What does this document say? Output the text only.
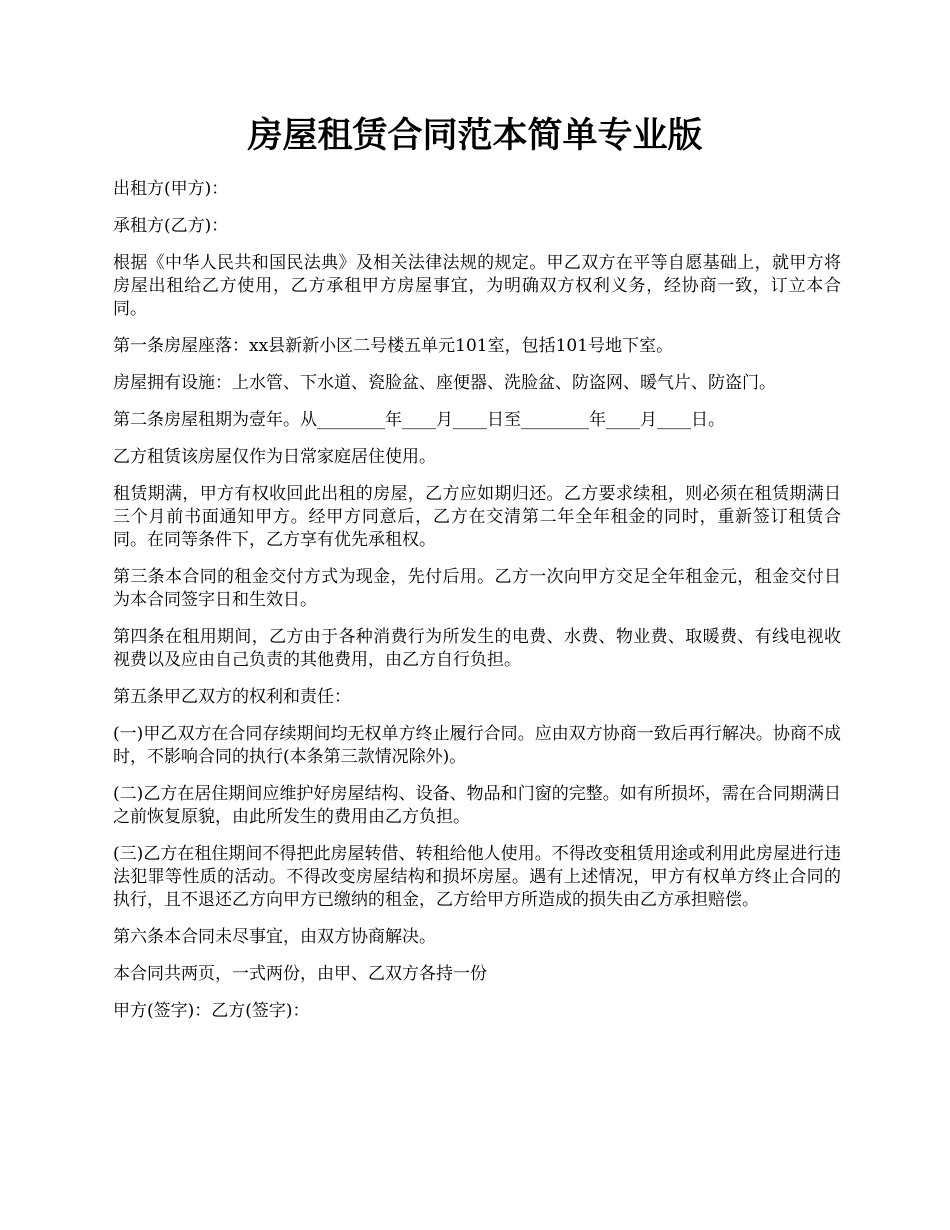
房屋租赁合同范本简单专业版

出租方(甲方)：

承租方(乙方)：

根据《中华人民共和国民法典》及相关法律法规的规定。甲乙双方在平等自愿基础上，就甲方将房屋出租给乙方使用，乙方承租甲方房屋事宜，为明确双方权利义务，经协商一致，订立本合同。

第一条房屋座落：xx县新新小区二号楼五单元101室，包括101号地下室。

房屋拥有设施：上水管、下水道、瓷脸盆、座便器、洗脸盆、防盗网、暖气片、防盗门。

第二条房屋租期为壹年。从________年____月____日至________年____月____日。

乙方租赁该房屋仅作为日常家庭居住使用。

租赁期满，甲方有权收回此出租的房屋，乙方应如期归还。乙方要求续租，则必须在租赁期满日三个月前书面通知甲方。经甲方同意后，乙方在交清第二年全年租金的同时，重新签订租赁合同。在同等条件下，乙方享有优先承租权。

第三条本合同的租金交付方式为现金，先付后用。乙方一次向甲方交足全年租金元，租金交付日为本合同签字日和生效日。

第四条在租用期间，乙方由于各种消费行为所发生的电费、水费、物业费、取暖费、有线电视收视费以及应由自己负责的其他费用，由乙方自行负担。

第五条甲乙双方的权利和责任：

(一)甲乙双方在合同存续期间均无权单方终止履行合同。应由双方协商一致后再行解决。协商不成时，不影响合同的执行(本条第三款情况除外)。

(二)乙方在居住期间应维护好房屋结构、设备、物品和门窗的完整。如有所损坏，需在合同期满日之前恢复原貌，由此所发生的费用由乙方负担。

(三)乙方在租住期间不得把此房屋转借、转租给他人使用。不得改变租赁用途或利用此房屋进行违法犯罪等性质的活动。不得改变房屋结构和损坏房屋。遇有上述情况，甲方有权单方终止合同的执行，且不退还乙方向甲方已缴纳的租金，乙方给甲方所造成的损失由乙方承担赔偿。

第六条本合同未尽事宜，由双方协商解决。

本合同共两页，一式两份，由甲、乙双方各持一份

甲方(签字)：乙方(签字)：
